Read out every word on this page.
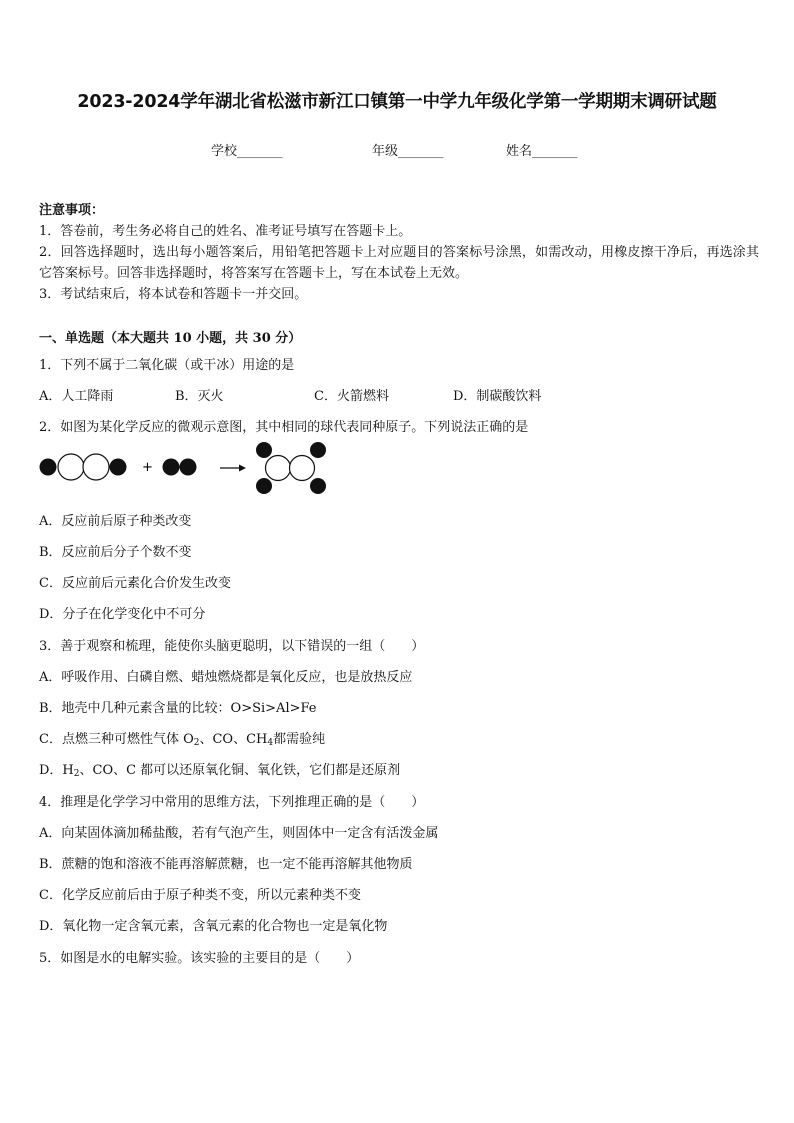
2023-2024学年湖北省松滋市新江口镇第一中学九年级化学第一学期期末调研试题
学校_______	年级_______	姓名_______

注意事项：

1．答卷前，考生务必将自己的姓名、准考证号填写在答题卡上。

2．回答选择题时，选出每小题答案后，用铅笔把答题卡上对应题目的答案标号涂黑，如需改动，用橡皮擦干净后，再选涂其它答案标号。回答非选择题时，将答案写在答题卡上，写在本试卷上无效。

3．考试结束后，将本试卷和答题卡一并交回。

一、单选题（本大题共 10 小题，共 30 分）
1．下列不属于二氧化碳（或干冰）用途的是
A．人工降雨	B．灭火	C．火箭燃料	D．制碳酸饮料
2．如图为某化学反应的微观示意图，其中相同的球代表同种原子。下列说法正确的是
+
A．反应前后原子种类改变
B．反应前后分子个数不变
C．反应前后元素化合价发生改变
D．分子在化学变化中不可分
3．善于观察和梳理，能使你头脑更聪明，以下错误的一组（　　）
A．呼吸作用、白磷自燃、蜡烛燃烧都是氧化反应，也是放热反应
B．地壳中几种元素含量的比较：O>Si>Al>Fe
C．点燃三种可燃性气体 $O_2$、CO、$CH_4$都需验纯
D．$H_2$、CO、C 都可以还原氧化铜、氧化铁，它们都是还原剂
4．推理是化学学习中常用的思维方法，下列推理正确的是（　　）
A．向某固体滴加稀盐酸，若有气泡产生，则固体中一定含有活泼金属
B．蔗糖的饱和溶液不能再溶解蔗糖，也一定不能再溶解其他物质
C．化学反应前后由于原子种类不变，所以元素种类不变
D．氧化物一定含氧元素，含氧元素的化合物也一定是氧化物
5．如图是水的电解实验。该实验的主要目的是（　　）
